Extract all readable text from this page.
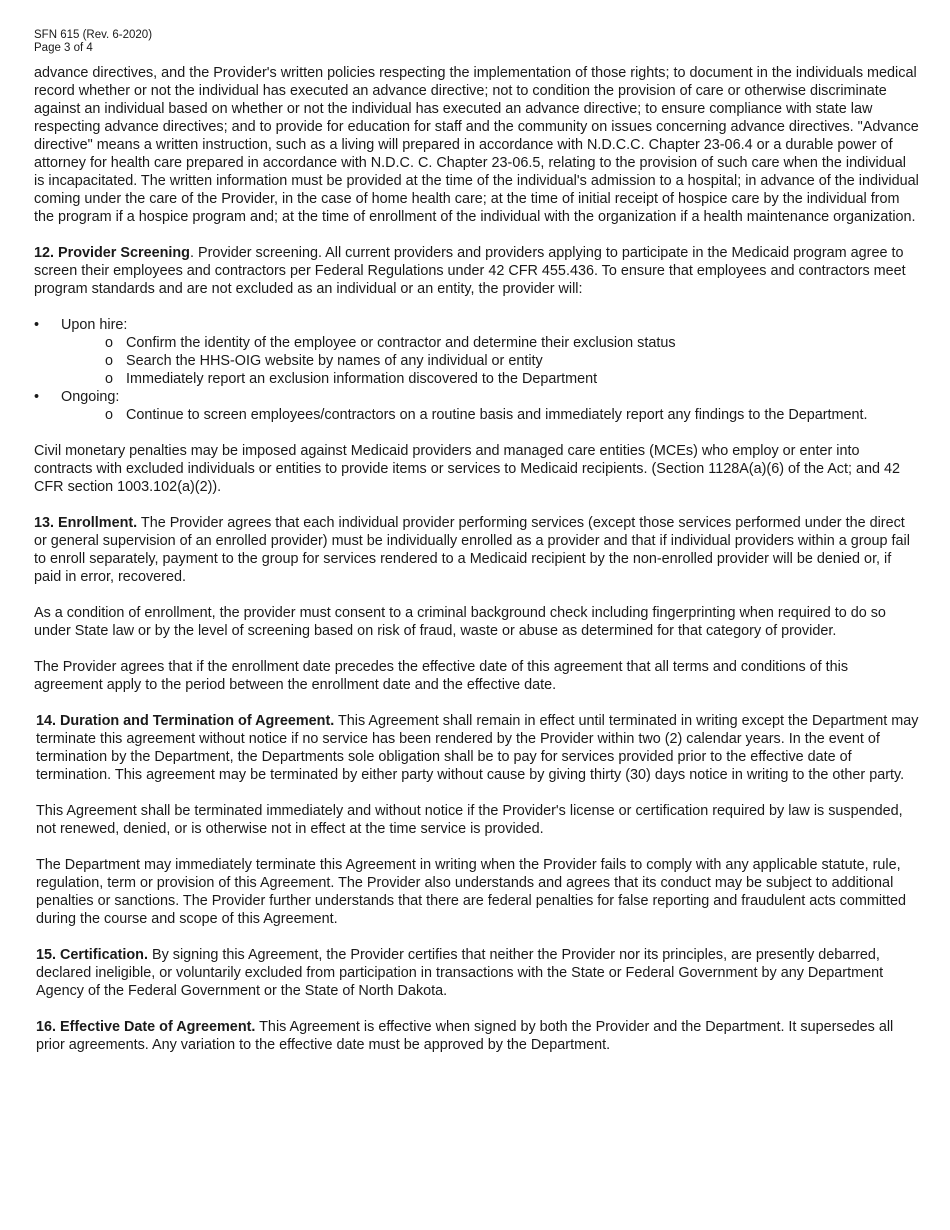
SFN 615 (Rev. 6-2020)
Page 3 of 4

advance directives, and the Provider's written policies respecting the implementation of those rights; to document in the individuals medical record whether or not the individual has executed an advance directive; not to condition the provision of care or otherwise discriminate against an individual based on whether or not the individual has executed an advance directive; to ensure compliance with state law respecting advance directives; and to provide for education for staff and the community on issues concerning advance directives. "Advance directive" means a written instruction, such as a living will prepared in accordance with N.D.C.C. Chapter 23-06.4 or a durable power of attorney for health care prepared in accordance with N.D.C. C. Chapter 23-06.5, relating to the provision of such care when the individual is incapacitated. The written information must be provided at the time of the individual's admission to a hospital; in advance of the individual coming under the care of the Provider, in the case of home health care; at the time of initial receipt of hospice care by the individual from the program if a hospice program and; at the time of enrollment of the individual with the organization if a health maintenance organization.

12. Provider Screening. Provider screening. All current providers and providers applying to participate in the Medicaid program agree to screen their employees and contractors per Federal Regulations under 42 CFR 455.436. To ensure that employees and contractors meet program standards and are not excluded as an individual or an entity, the provider will:

• Upon hire:
o Confirm the identity of the employee or contractor and determine their exclusion status
o Search the HHS-OIG website by names of any individual or entity
o Immediately report an exclusion information discovered to the Department
• Ongoing:
o Continue to screen employees/contractors on a routine basis and immediately report any findings to the Department.

Civil monetary penalties may be imposed against Medicaid providers and managed care entities (MCEs) who employ or enter into contracts with excluded individuals or entities to provide items or services to Medicaid recipients. (Section 1128A(a)(6) of the Act; and 42 CFR section 1003.102(a)(2)).

13. Enrollment. The Provider agrees that each individual provider performing services (except those services performed under the direct or general supervision of an enrolled provider) must be individually enrolled as a provider and that if individual providers within a group fail to enroll separately, payment to the group for services rendered to a Medicaid recipient by the non-enrolled provider will be denied or, if paid in error, recovered.

As a condition of enrollment, the provider must consent to a criminal background check including fingerprinting when required to do so under State law or by the level of screening based on risk of fraud, waste or abuse as determined for that category of provider.

The Provider agrees that if the enrollment date precedes the effective date of this agreement that all terms and conditions of this agreement apply to the period between the enrollment date and the effective date.

14. Duration and Termination of Agreement. This Agreement shall remain in effect until terminated in writing except the Department may terminate this agreement without notice if no service has been rendered by the Provider within two (2) calendar years. In the event of termination by the Department, the Departments sole obligation shall be to pay for services provided prior to the effective date of termination. This agreement may be terminated by either party without cause by giving thirty (30) days notice in writing to the other party.

This Agreement shall be terminated immediately and without notice if the Provider's license or certification required by law is suspended, not renewed, denied, or is otherwise not in effect at the time service is provided.

The Department may immediately terminate this Agreement in writing when the Provider fails to comply with any applicable statute, rule, regulation, term or provision of this Agreement. The Provider also understands and agrees that its conduct may be subject to additional penalties or sanctions. The Provider further understands that there are federal penalties for false reporting and fraudulent acts committed during the course and scope of this Agreement.

15. Certification. By signing this Agreement, the Provider certifies that neither the Provider nor its principles, are presently debarred, declared ineligible, or voluntarily excluded from participation in transactions with the State or Federal Government by any Department Agency of the Federal Government or the State of North Dakota.

16. Effective Date of Agreement. This Agreement is effective when signed by both the Provider and the Department. It supersedes all prior agreements. Any variation to the effective date must be approved by the Department.
